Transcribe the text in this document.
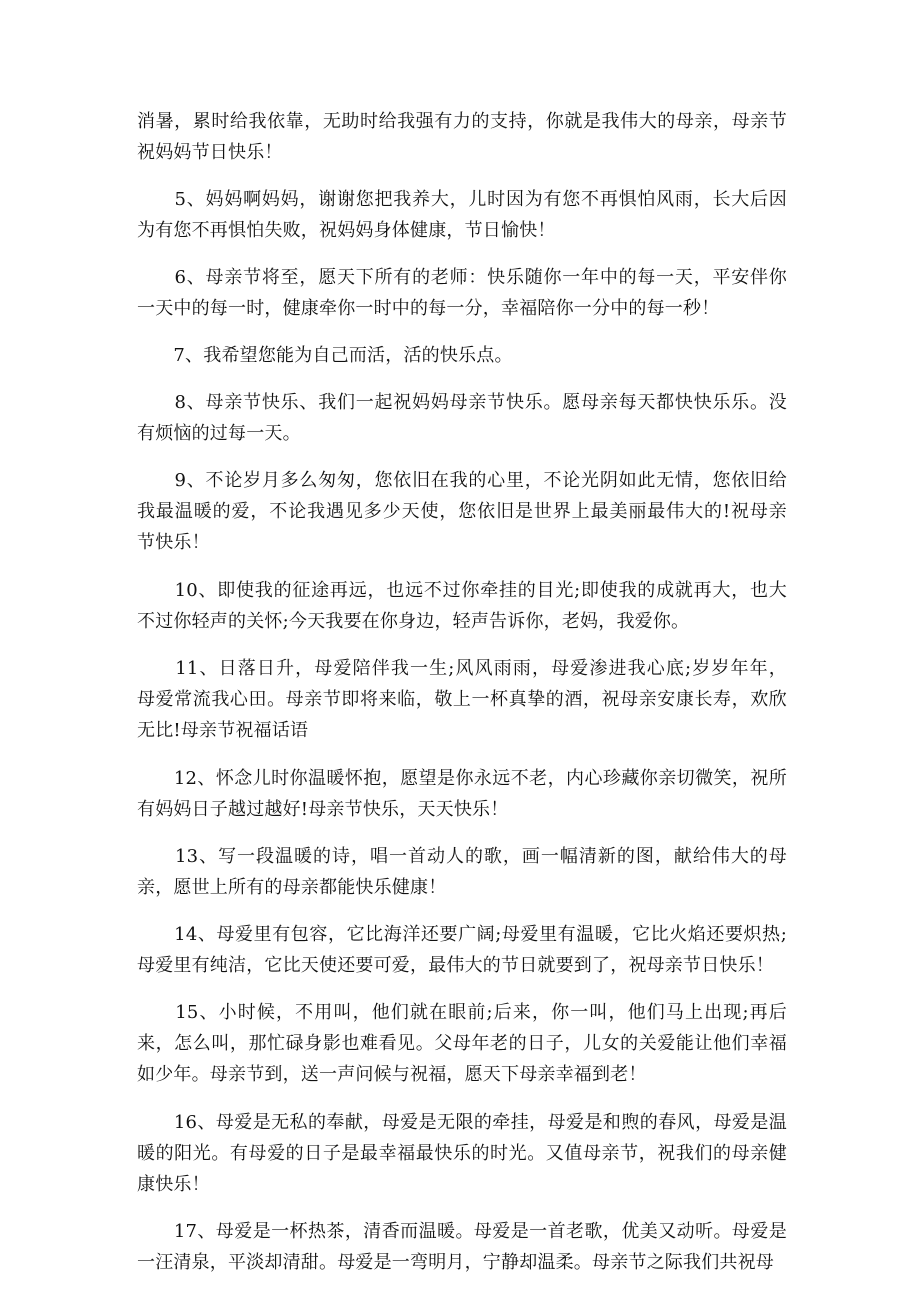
消暑，累时给我依靠，无助时给我强有力的支持，你就是我伟大的母亲，母亲节
祝妈妈节日快乐！
　　5、妈妈啊妈妈，谢谢您把我养大，儿时因为有您不再惧怕风雨，长大后因
为有您不再惧怕失败，祝妈妈身体健康，节日愉快！
　　6、母亲节将至，愿天下所有的老师：快乐随你一年中的每一天，平安伴你
一天中的每一时，健康牵你一时中的每一分，幸福陪你一分中的每一秒！
　　7、我希望您能为自己而活，活的快乐点。
　　8、母亲节快乐、我们一起祝妈妈母亲节快乐。愿母亲每天都快快乐乐。没
有烦恼的过每一天。
　　9、不论岁月多么匆匆，您依旧在我的心里，不论光阴如此无情，您依旧给
我最温暖的爱，不论我遇见多少天使，您依旧是世界上最美丽最伟大的!祝母亲
节快乐！
　　10、即使我的征途再远，也远不过你牵挂的目光;即使我的成就再大，也大
不过你轻声的关怀;今天我要在你身边，轻声告诉你，老妈，我爱你。
　　11、日落日升，母爱陪伴我一生;风风雨雨，母爱渗进我心底;岁岁年年，
母爱常流我心田。母亲节即将来临，敬上一杯真挚的酒，祝母亲安康长寿，欢欣
无比!母亲节祝福话语
　　12、怀念儿时你温暖怀抱，愿望是你永远不老，内心珍藏你亲切微笑，祝所
有妈妈日子越过越好!母亲节快乐，天天快乐！
　　13、写一段温暖的诗，唱一首动人的歌，画一幅清新的图，献给伟大的母
亲，愿世上所有的母亲都能快乐健康！
　　14、母爱里有包容，它比海洋还要广阔;母爱里有温暖，它比火焰还要炽热;
母爱里有纯洁，它比天使还要可爱，最伟大的节日就要到了，祝母亲节日快乐！
　　15、小时候，不用叫，他们就在眼前;后来，你一叫，他们马上出现;再后
来，怎么叫，那忙碌身影也难看见。父母年老的日子，儿女的关爱能让他们幸福
如少年。母亲节到，送一声问候与祝福，愿天下母亲幸福到老！
　　16、母爱是无私的奉献，母爱是无限的牵挂，母爱是和煦的春风，母爱是温
暖的阳光。有母爱的日子是最幸福最快乐的时光。又值母亲节，祝我们的母亲健
康快乐！
　　17、母爱是一杯热茶，清香而温暖。母爱是一首老歌，优美又动听。母爱是
一汪清泉，平淡却清甜。母爱是一弯明月，宁静却温柔。母亲节之际我们共祝母
